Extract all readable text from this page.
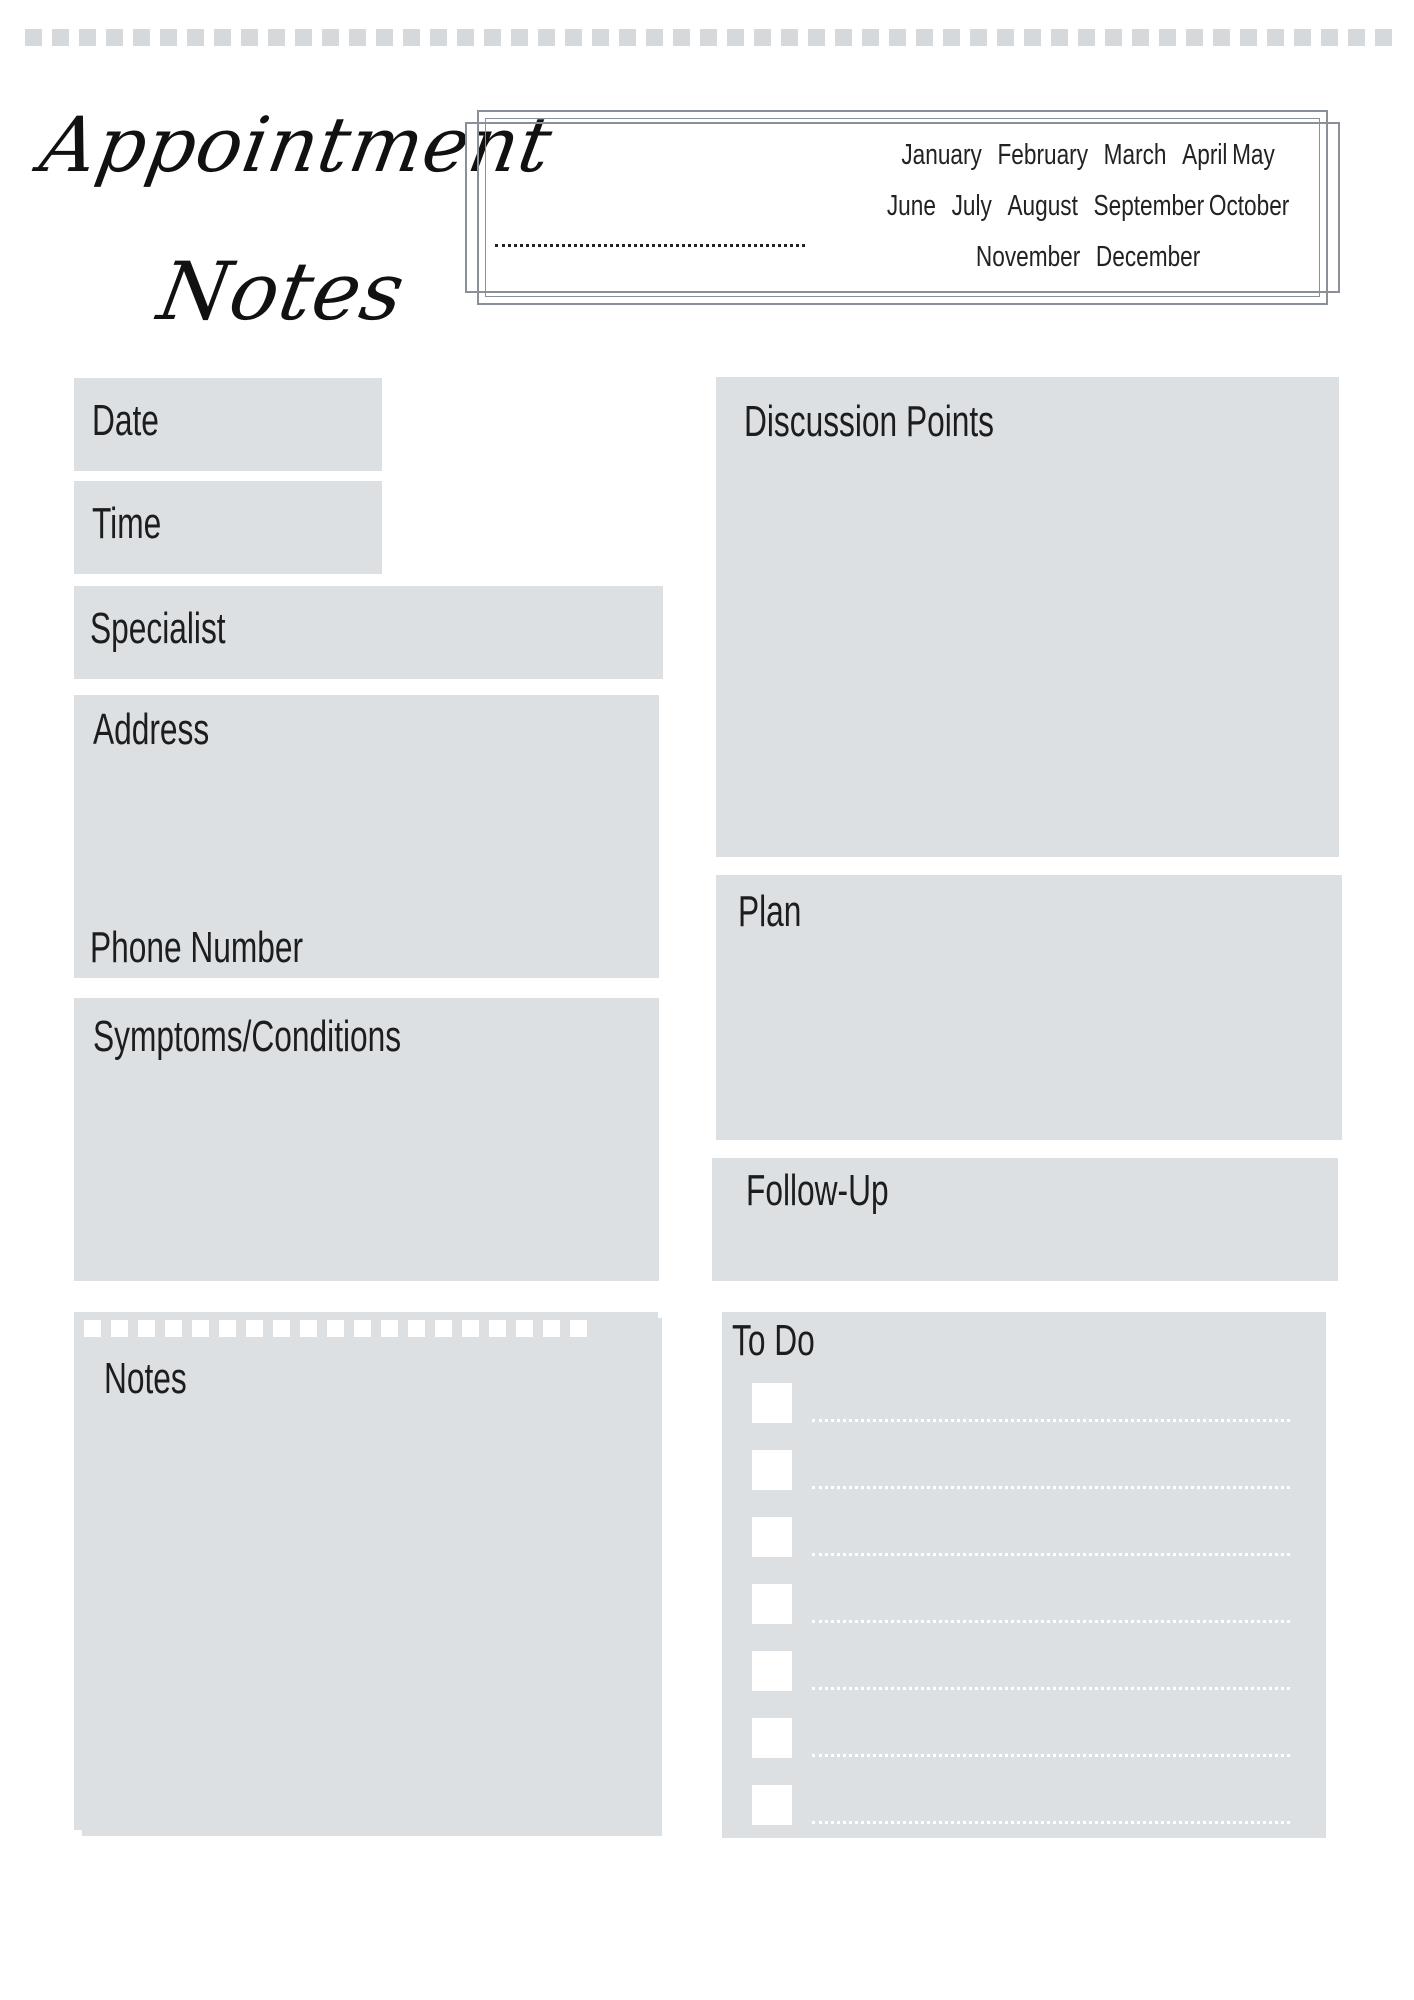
Appointment
Notes
January February March April May
June July August September October
November December
Date
Time
Specialist
Address
Phone Number
Symptoms/Conditions
Notes
Discussion Points
Plan
Follow-Up
To Do
